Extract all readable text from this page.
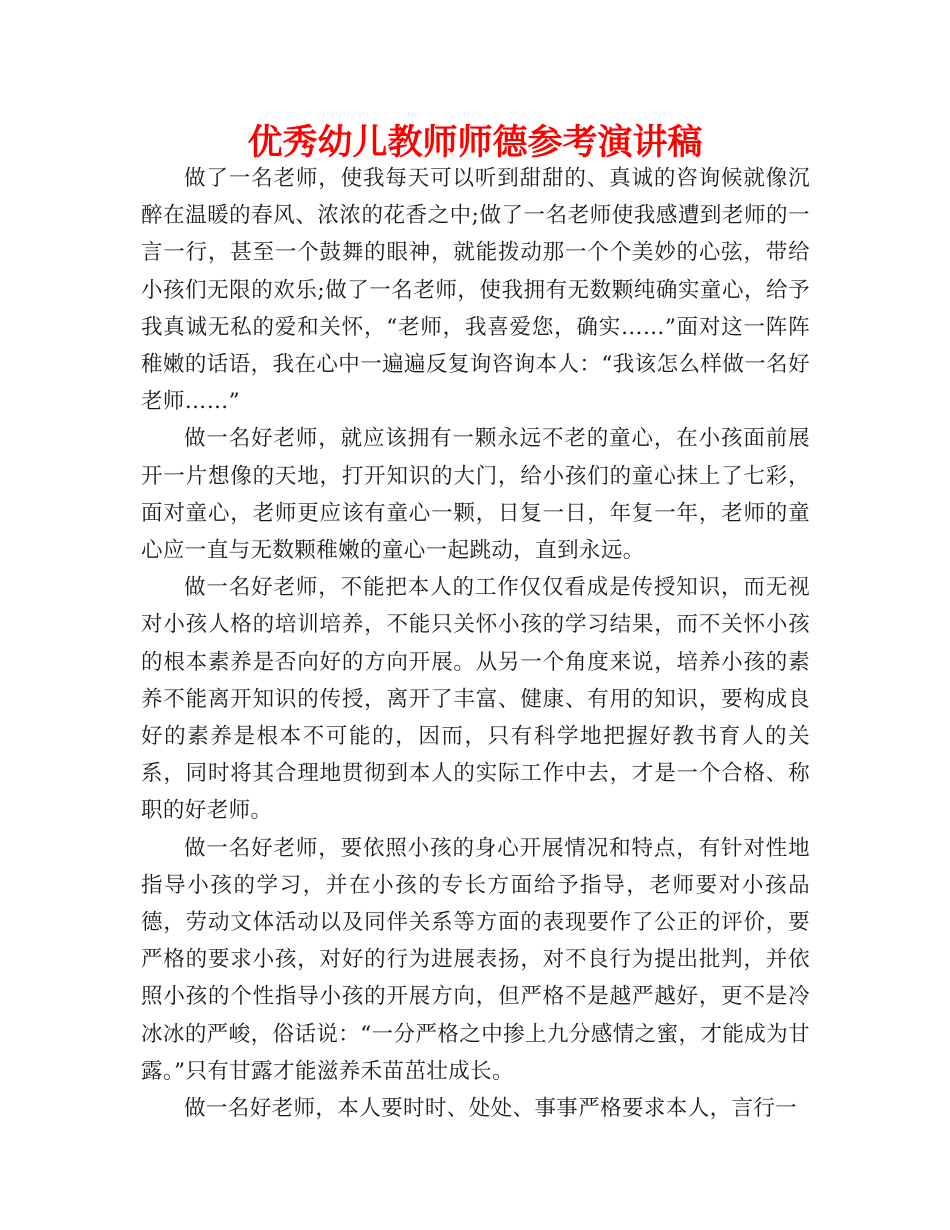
优秀幼儿教师师德参考演讲稿

做了一名老师，使我每天可以听到甜甜的、真诚的咨询候就像沉醉在温暖的春风、浓浓的花香之中;做了一名老师使我感遭到老师的一言一行，甚至一个鼓舞的眼神，就能拨动那一个个美妙的心弦，带给小孩们无限的欢乐;做了一名老师，使我拥有无数颗纯确实童心，给予我真诚无私的爱和关怀，“老师，我喜爱您，确实……”面对这一阵阵稚嫩的话语，我在心中一遍遍反复询咨询本人：“我该怎么样做一名好老师……”

做一名好老师，就应该拥有一颗永远不老的童心，在小孩面前展开一片想像的天地，打开知识的大门，给小孩们的童心抹上了七彩，面对童心，老师更应该有童心一颗，日复一日，年复一年，老师的童心应一直与无数颗稚嫩的童心一起跳动，直到永远。

做一名好老师，不能把本人的工作仅仅看成是传授知识，而无视对小孩人格的培训培养，不能只关怀小孩的学习结果，而不关怀小孩的根本素养是否向好的方向开展。从另一个角度来说，培养小孩的素养不能离开知识的传授，离开了丰富、健康、有用的知识，要构成良好的素养是根本不可能的，因而，只有科学地把握好教书育人的关系，同时将其合理地贯彻到本人的实际工作中去，才是一个合格、称职的好老师。

做一名好老师，要依照小孩的身心开展情况和特点，有针对性地指导小孩的学习，并在小孩的专长方面给予指导，老师要对小孩品德，劳动文体活动以及同伴关系等方面的表现要作了公正的评价，要严格的要求小孩，对好的行为进展表扬，对不良行为提出批判，并依照小孩的个性指导小孩的开展方向，但严格不是越严越好，更不是冷冰冰的严峻，俗话说：“一分严格之中掺上九分感情之蜜，才能成为甘露。”只有甘露才能滋养禾苗茁壮成长。

做一名好老师，本人要时时、处处、事事严格要求本人，言行一
